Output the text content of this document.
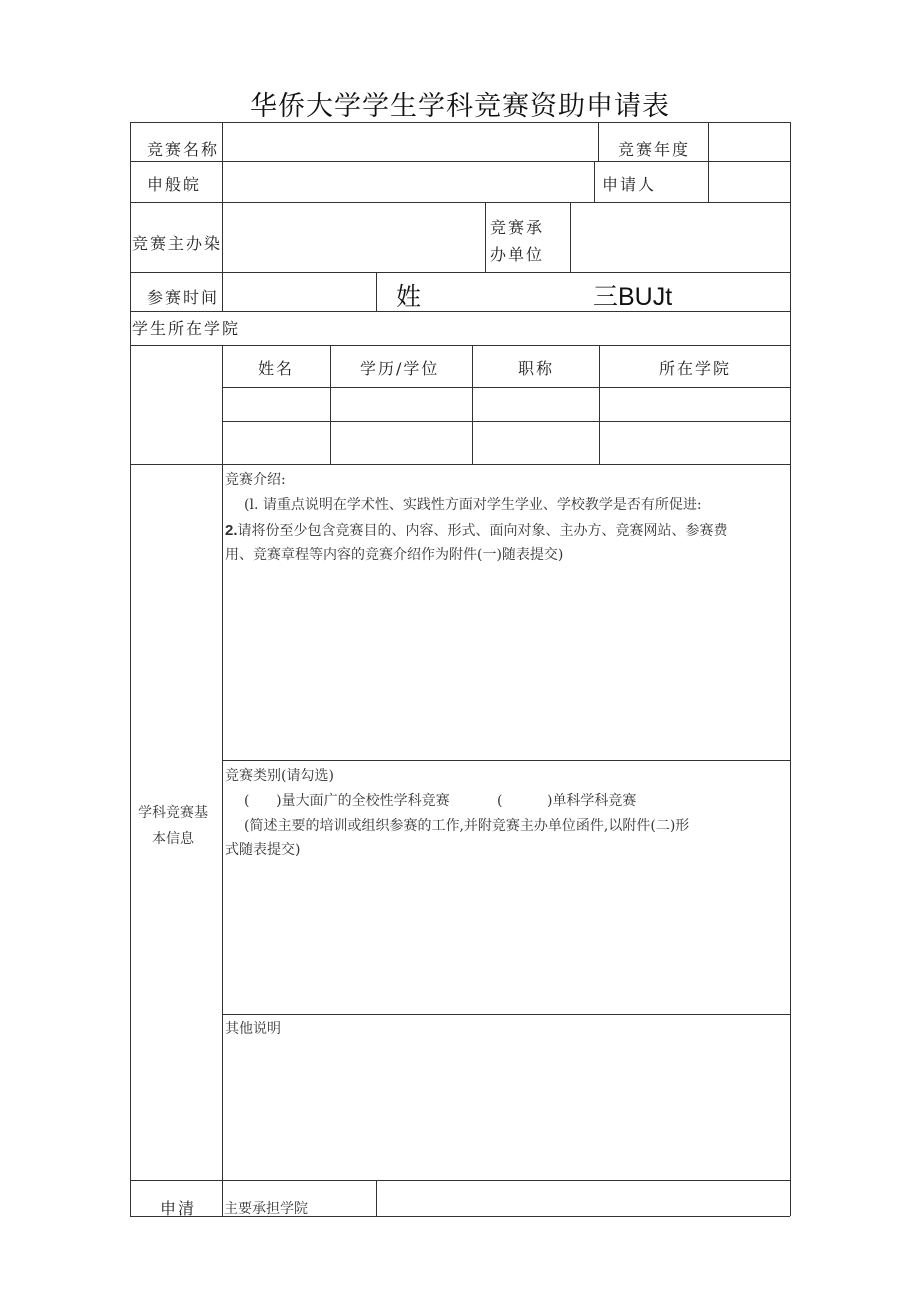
华侨大学学生学科竞赛资助申请表
竞赛名称	竞赛年度
申般皖	申请人
竞赛主办染
竞赛承
办单位
参赛时间	姓	三BUJt
学生所在学院
姓名	学历/学位	职称	所在学院
学科竞赛基
本信息
竞赛介绍:
(l. 请重点说明在学术性、实践性方面对学生学业、学校教学是否有所促进:
2.请将份至少包含竞赛目的、内容、形式、面向对象、主办方、竞赛网站、参赛费
用、竞赛章程等内容的竞赛介绍作为附件(一)随表提交)
竞赛类别(请勾选)
(      )量大面广的全校性学科竞赛	(          )单科学科竞赛
(简述主要的培训或组织参赛的工作,并附竞赛主办单位函件,以附件(二)形
式随表提交)
其他说明
申清 主要承担学院
